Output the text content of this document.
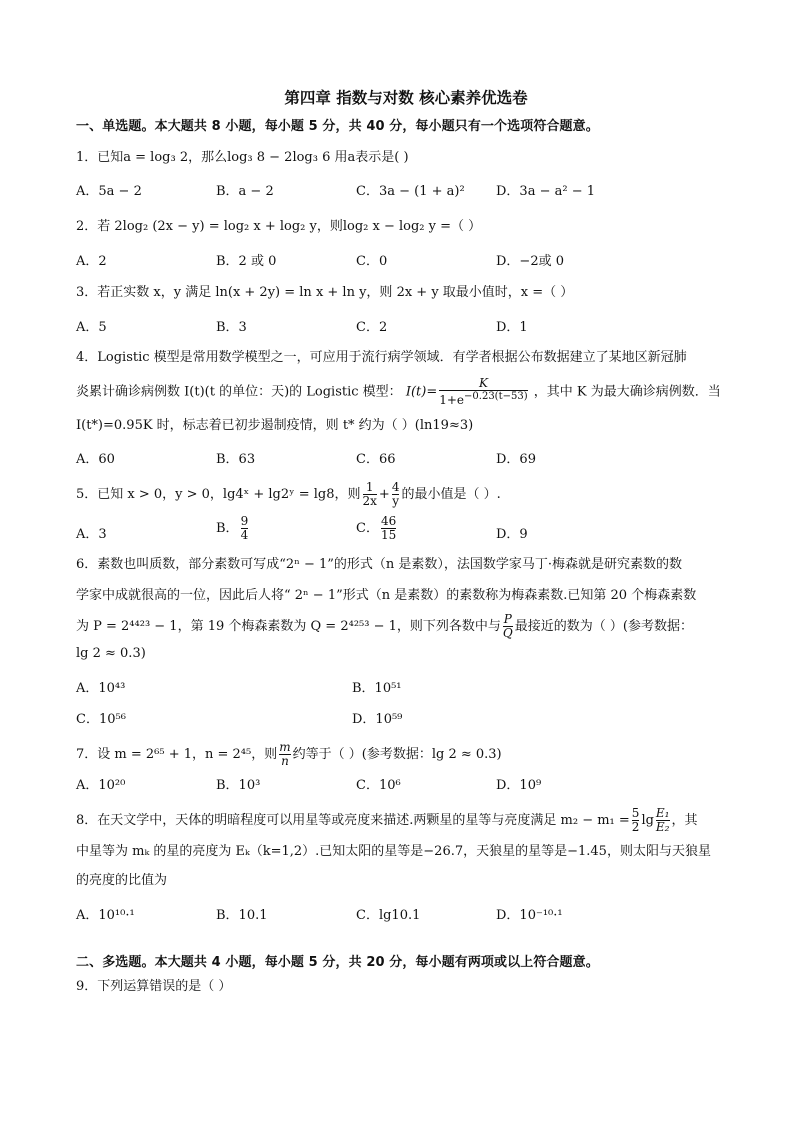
第四章 指数与对数 核心素养优选卷
一、单选题。本大题共 8 小题，每小题 5 分，共 40 分，每小题只有一个选项符合题意。
1．已知a = log₃ 2，那么log₃ 8 − 2log₃ 6 用a表示是( )
A．5a − 2	B．a − 2	C．3a − (1 + a)²	D．3a − a² − 1
2．若 2log₂ (2x − y) = log₂ x + log₂ y，则log₂ x − log₂ y =（ ）
A．2	B．2 或 0	C．0	D．−2或 0
3．若正实数 x，y 满足 ln(x + 2y) = ln x + ln y，则 2x + y 取最小值时，x =（ ）
A．5	B．3	C．2	D．1
4．Logistic 模型是常用数学模型之一，可应用于流行病学领域．有学者根据公布数据建立了某地区新冠肺
炎累计确诊病例数 I(t)(t 的单位：天)的 Logistic 模型： $I(t)= \frac{K}{1+e^{-0.23(t-53)}}$ ，其中 K 为最大确诊病例数．当
I(t*)=0.95K 时，标志着已初步遏制疫情，则 t* 约为（ ）(ln19≈3)
A．60	B．63	C．66	D．69
5．已知 x > 0，y > 0，lg4ˣ + lg2ʸ = lg8，则 $\frac{1}{2x} + \frac{4}{y}$ 的最小值是（ ）.
A．3	B． $\frac{9}{4}$	C． $\frac{46}{15}$	D．9
6．素数也叫质数，部分素数可写成“2ⁿ − 1”的形式（n 是素数），法国数学家马丁·梅森就是研究素数的数
学家中成就很高的一位，因此后人将“ 2ⁿ − 1”形式（n 是素数）的素数称为梅森素数.已知第 20 个梅森素数
为 P = 2⁴⁴²³ − 1，第 19 个梅森素数为 Q = 2⁴²⁵³ − 1，则下列各数中与 $\frac{P}{Q}$ 最接近的数为（ ）(参考数据：
lg 2 ≈ 0.3)
A．10⁴³	B．10⁵¹
C．10⁵⁶	D．10⁵⁹
7．设 m = 2⁶⁵ + 1，n = 2⁴⁵，则 $\frac{m}{n}$ 约等于（ ）(参考数据：lg 2 ≈ 0.3)
A．10²⁰	B．10³	C．10⁶	D．10⁹
8．在天文学中，天体的明暗程度可以用星等或亮度来描述.两颗星的星等与亮度满足 $m_2 - m_1 = \frac{5}{2}$ $\lg \frac{\text{E₁}}{\text{E₂}}$ ，其
中星等为 mₖ 的星的亮度为 Eₖ（k=1,2）.已知太阳的星等是−26.7，天狼星的星等是−1.45，则太阳与天狼星
的亮度的比值为
A．10¹⁰·¹	B．10.1	C．lg10.1	D．10⁻¹⁰·¹
二、多选题。本大题共 4 小题，每小题 5 分，共 20 分，每小题有两项或以上符合题意。
9．下列运算错误的是（ ）
